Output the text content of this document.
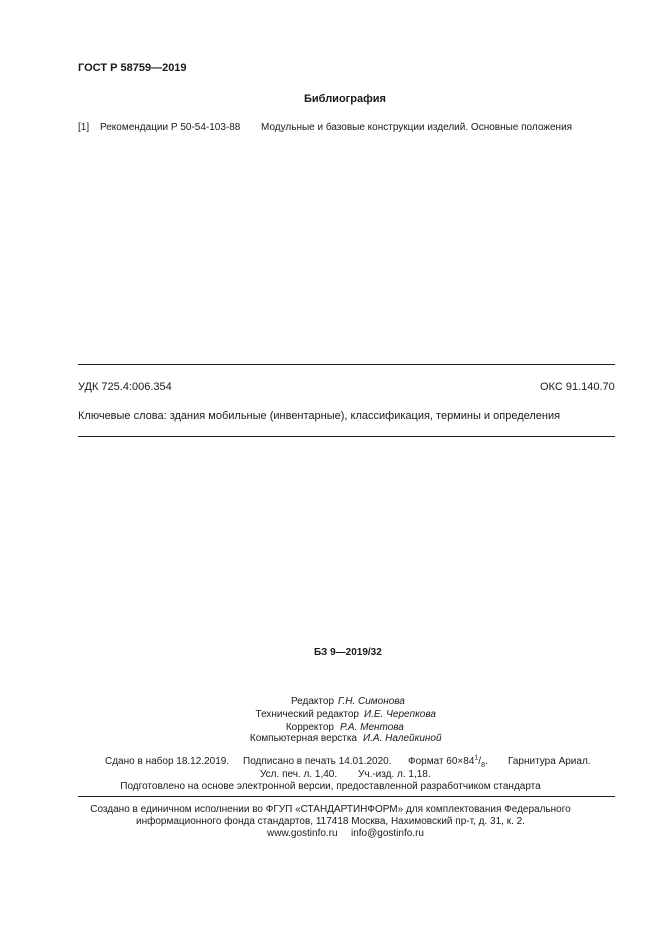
ГОСТ Р 58759—2019
Библиография
[1] Рекомендации Р 50-54-103-88 Модульные и базовые конструкции изделий. Основные положения
УДК 725.4:006.354	ОКС 91.140.70
Ключевые слова: здания мобильные (инвентарные), классификация, термины и определения
БЗ 9—2019/32
Редактор Г.Н. Симонова
Технический редактор И.Е. Черепкова
Корректор Р.А. Ментова
Компьютерная верстка И.А. Налейкиной
Сдано в набор 18.12.2019. Подписано в печать 14.01.2020. Формат $60\times 84^1/_8$. Гарнитура Ариал.
Усл. печ. л. 1,40. Уч.-изд. л. 1,18.
Подготовлено на основе электронной версии, предоставленной разработчиком стандарта
Создано в единичном исполнении во ФГУП «СТАНДАРТИНФОРМ» для комплектования Федерального
информационного фонда стандартов, 117418 Москва, Нахимовский пр-т, д. 31, к. 2.
www.gostinfo.ru info@gostinfo.ru
